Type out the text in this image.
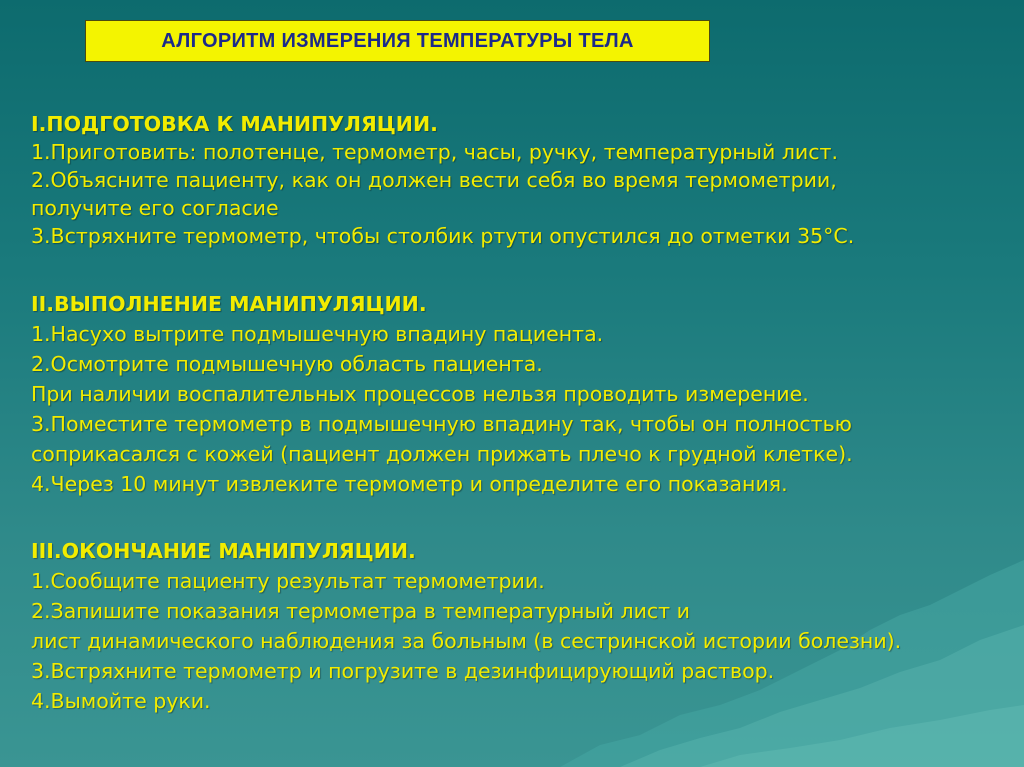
АЛГОРИТМ ИЗМЕРЕНИЯ ТЕМПЕРАТУРЫ ТЕЛА
I.ПОДГОТОВКА К МАНИПУЛЯЦИИ.
1.Приготовить: полотенце, термометр, часы, ручку, температурный лист.
2.Объясните пациенту, как он должен вести себя во время термометрии,
получите его согласие
3.Встряхните термометр, чтобы столбик ртути опустился до отметки 35°С.
II.ВЫПОЛНЕНИЕ МАНИПУЛЯЦИИ.
1.Насухо вытрите подмышечную впадину пациента.
2.Осмотрите подмышечную область пациента.
При наличии воспалительных процессов нельзя проводить измерение.
3.Поместите термометр в подмышечную впадину так, чтобы он полностью
соприкасался с кожей (пациент должен прижать плечо к грудной клетке).
4.Через 10 минут извлеките термометр и определите его показания.
III.ОКОНЧАНИЕ МАНИПУЛЯЦИИ.
1.Сообщите пациенту результат термометрии.
2.Запишите показания термометра в температурный лист и
лист динамического наблюдения за больным (в сестринской истории болезни).
3.Встряхните термометр и погрузите в дезинфицирующий раствор.
4.Вымойте руки.
